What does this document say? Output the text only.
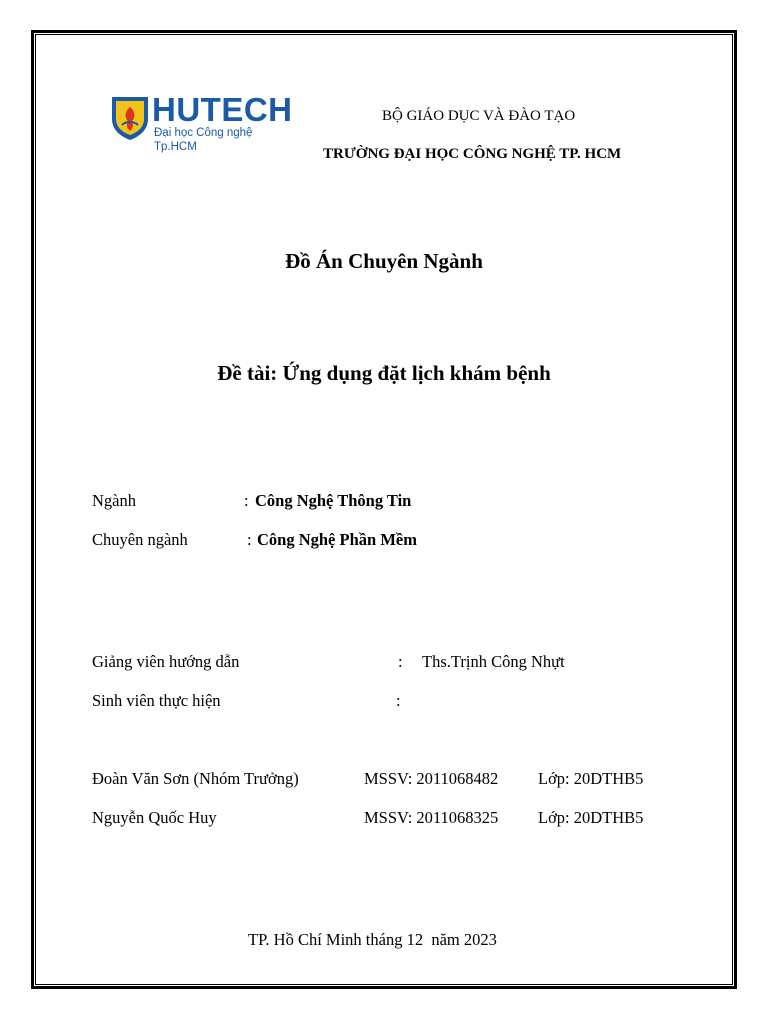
HUTECH
Đại học Công nghệ Tp.HCM
BỘ GIÁO DỤC VÀ ĐÀO TẠO
TRƯỜNG ĐẠI HỌC CÔNG NGHỆ TP. HCM
Đồ Án Chuyên Ngành
Đề tài: Ứng dụng đặt lịch khám bệnh
Ngành	: Công Nghệ Thông Tin
Chuyên ngành	: Công Nghệ Phần Mềm
Giảng viên hướng dẫn	: Ths.Trịnh Công Nhựt
Sinh viên thực hiện	:
Đoàn Văn Sơn (Nhóm Trưởng)	MSSV: 2011068482 Lớp: 20DTHB5
Nguyễn Quốc Huy	MSSV: 2011068325 Lớp: 20DTHB5
TP. Hồ Chí Minh tháng 12  năm 2023
